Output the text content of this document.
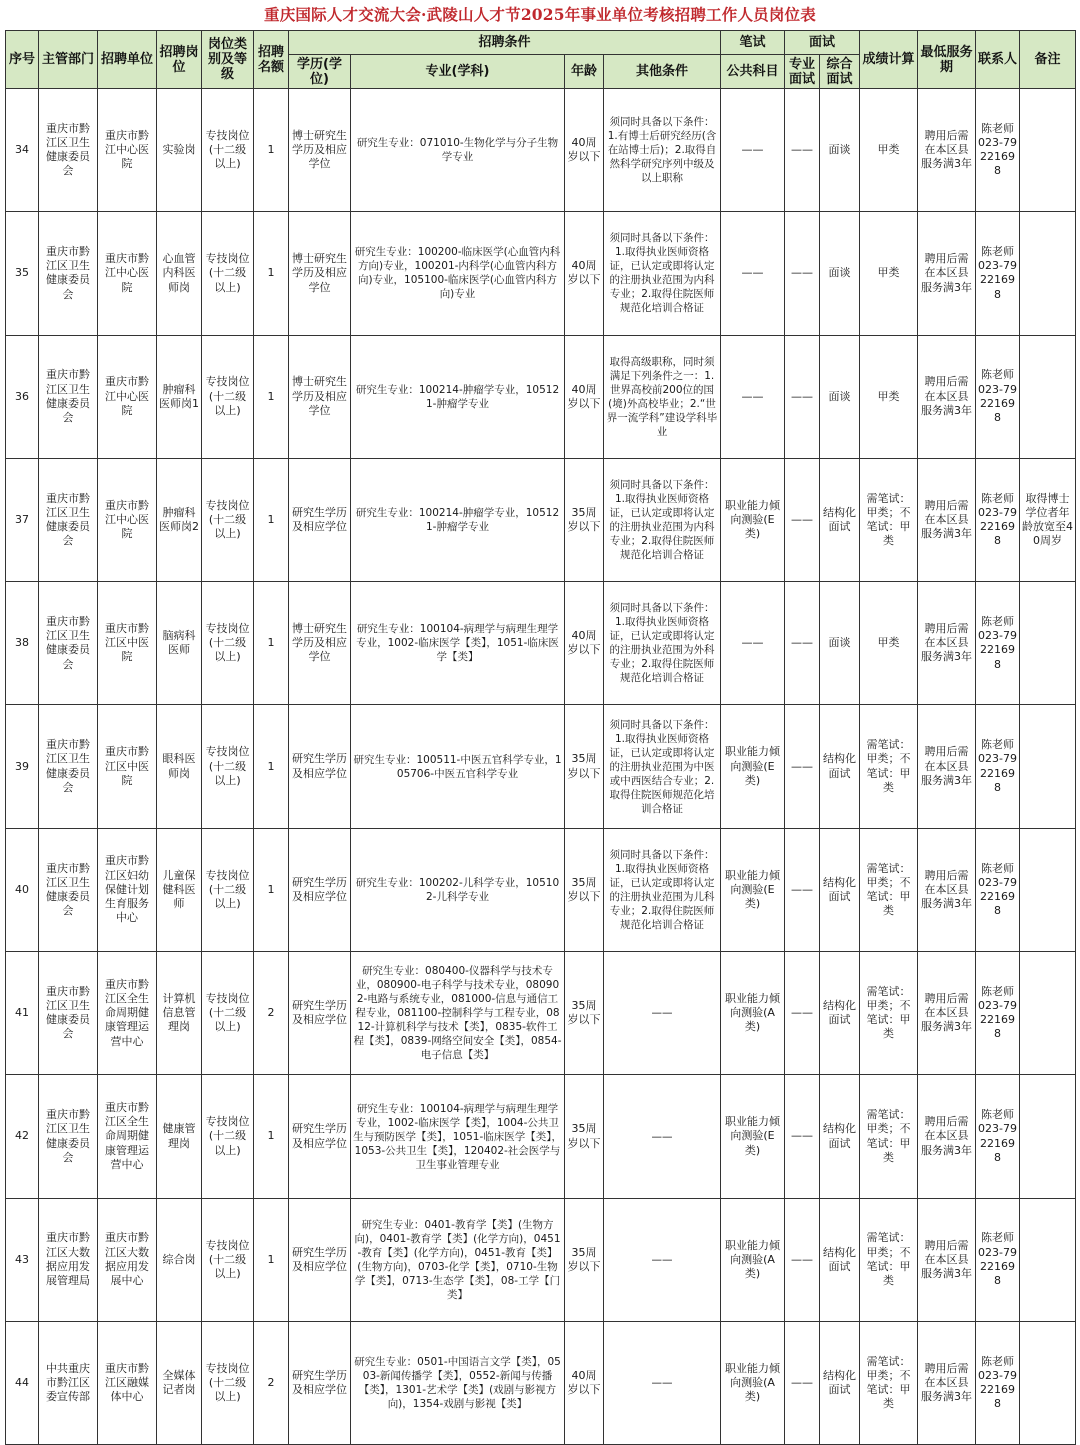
重庆国际人才交流大会·武陵山人才节2025年事业单位考核招聘工作人员岗位表
序号	主管部门	招聘单位	招聘岗位	岗位类别及等级	招聘名额	招聘条件				笔试	面试		成绩计算	最低服务期	联系人	备注
						学历(学位)	专业(学科)	年龄	其他条件	公共科目	专业面试	综合面试				
34	重庆市黔江区卫生健康委员会	重庆市黔江中心医院	实验岗	专技岗位(十二级以上)	1	博士研究生学历及相应学位	研究生专业：071010-生物化学与分子生物学专业	40周岁以下	须同时具备以下条件：1.有博士后研究经历(含在站博士后)；2.取得自然科学研究序列中级及以上职称	——	——	面谈	甲类	聘用后需在本区县服务满3年	陈老师023-79221698	
35	重庆市黔江区卫生健康委员会	重庆市黔江中心医院	心血管内科医师岗	专技岗位(十二级以上)	1	博士研究生学历及相应学位	研究生专业：100200-临床医学(心血管内科方向)专业，100201-内科学(心血管内科方向)专业，105100-临床医学(心血管内科方向)专业	40周岁以下	须同时具备以下条件：1.取得执业医师资格证，已认定或即将认定的注册执业范围为内科专业；2.取得住院医师规范化培训合格证	——	——	面谈	甲类	聘用后需在本区县服务满3年	陈老师023-79221698	
36	重庆市黔江区卫生健康委员会	重庆市黔江中心医院	肿瘤科医师岗1	专技岗位(十二级以上)	1	博士研究生学历及相应学位	研究生专业：100214-肿瘤学专业，105121-肿瘤学专业	40周岁以下	取得高级职称，同时须满足下列条件之一：1.世界高校前200位的国(境)外高校毕业；2.“世界一流学科”建设学科毕业	——	——	面谈	甲类	聘用后需在本区县服务满3年	陈老师023-79221698	
37	重庆市黔江区卫生健康委员会	重庆市黔江中心医院	肿瘤科医师岗2	专技岗位(十二级以上)	1	研究生学历及相应学位	研究生专业：100214-肿瘤学专业，105121-肿瘤学专业	35周岁以下	须同时具备以下条件：1.取得执业医师资格证，已认定或即将认定的注册执业范围为内科专业；2.取得住院医师规范化培训合格证	职业能力倾向测验(E类)	——	结构化面试	需笔试：甲类；不笔试：甲类	聘用后需在本区县服务满3年	陈老师023-79221698	取得博士学位者年龄放宽至40周岁
38	重庆市黔江区卫生健康委员会	重庆市黔江区中医院	脑病科医师	专技岗位(十二级以上)	1	博士研究生学历及相应学位	研究生专业：100104-病理学与病理生理学专业，1002-临床医学【类】，1051-临床医学【类】	40周岁以下	须同时具备以下条件：1.取得执业医师资格证，已认定或即将认定的注册执业范围为外科专业；2.取得住院医师规范化培训合格证	——	——	面谈	甲类	聘用后需在本区县服务满3年	陈老师023-79221698	
39	重庆市黔江区卫生健康委员会	重庆市黔江区中医院	眼科医师岗	专技岗位(十二级以上)	1	研究生学历及相应学位	研究生专业：100511-中医五官科学专业，105706-中医五官科学专业	35周岁以下	须同时具备以下条件：1.取得执业医师资格证，已认定或即将认定的注册执业范围为中医或中西医结合专业；2.取得住院医师规范化培训合格证	职业能力倾向测验(E类)	——	结构化面试	需笔试：甲类；不笔试：甲类	聘用后需在本区县服务满3年	陈老师023-79221698	
40	重庆市黔江区卫生健康委员会	重庆市黔江区妇幼保健计划生育服务中心	儿童保健科医师	专技岗位(十二级以上)	1	研究生学历及相应学位	研究生专业：100202-儿科学专业，105102-儿科学专业	35周岁以下	须同时具备以下条件：1.取得执业医师资格证，已认定或即将认定的注册执业范围为儿科专业；2.取得住院医师规范化培训合格证	职业能力倾向测验(E类)	——	结构化面试	需笔试：甲类；不笔试：甲类	聘用后需在本区县服务满3年	陈老师023-79221698	
41	重庆市黔江区卫生健康委员会	重庆市黔江区全生命周期健康管理运营中心	计算机信息管理岗	专技岗位(十二级以上)	2	研究生学历及相应学位	研究生专业：080400-仪器科学与技术专业，080900-电子科学与技术专业，080902-电路与系统专业，081000-信息与通信工程专业，081100-控制科学与工程专业，0812-计算机科学与技术【类】，0835-软件工程【类】，0839-网络空间安全【类】，0854-电子信息【类】	35周岁以下	——	职业能力倾向测验(A类)	——	结构化面试	需笔试：甲类；不笔试：甲类	聘用后需在本区县服务满3年	陈老师023-79221698	
42	重庆市黔江区卫生健康委员会	重庆市黔江区全生命周期健康管理运营中心	健康管理岗	专技岗位(十二级以上)	1	研究生学历及相应学位	研究生专业：100104-病理学与病理生理学专业，1002-临床医学【类】，1004-公共卫生与预防医学【类】，1051-临床医学【类】，1053-公共卫生【类】，120402-社会医学与卫生事业管理专业	35周岁以下	——	职业能力倾向测验(E类)	——	结构化面试	需笔试：甲类；不笔试：甲类	聘用后需在本区县服务满3年	陈老师023-79221698	
43	重庆市黔江区大数据应用发展管理局	重庆市黔江区大数据应用发展中心	综合岗	专技岗位(十二级以上)	1	研究生学历及相应学位	研究生专业：0401-教育学【类】(生物方向)，0401-教育学【类】(化学方向)，0451-教育【类】(化学方向)，0451-教育【类】(生物方向)，0703-化学【类】，0710-生物学【类】，0713-生态学【类】，08-工学【门类】	35周岁以下	——	职业能力倾向测验(A类)	——	结构化面试	需笔试：甲类；不笔试：甲类	聘用后需在本区县服务满3年	陈老师023-79221698	
44	中共重庆市黔江区委宣传部	重庆市黔江区融媒体中心	全媒体记者岗	专技岗位(十二级以上)	2	研究生学历及相应学位	研究生专业：0501-中国语言文学【类】，0503-新闻传播学【类】，0552-新闻与传播【类】，1301-艺术学【类】(戏剧与影视方向)，1354-戏剧与影视【类】	40周岁以下	——	职业能力倾向测验(A类)	——	结构化面试	需笔试：甲类；不笔试：甲类	聘用后需在本区县服务满3年	陈老师023-79221698	
